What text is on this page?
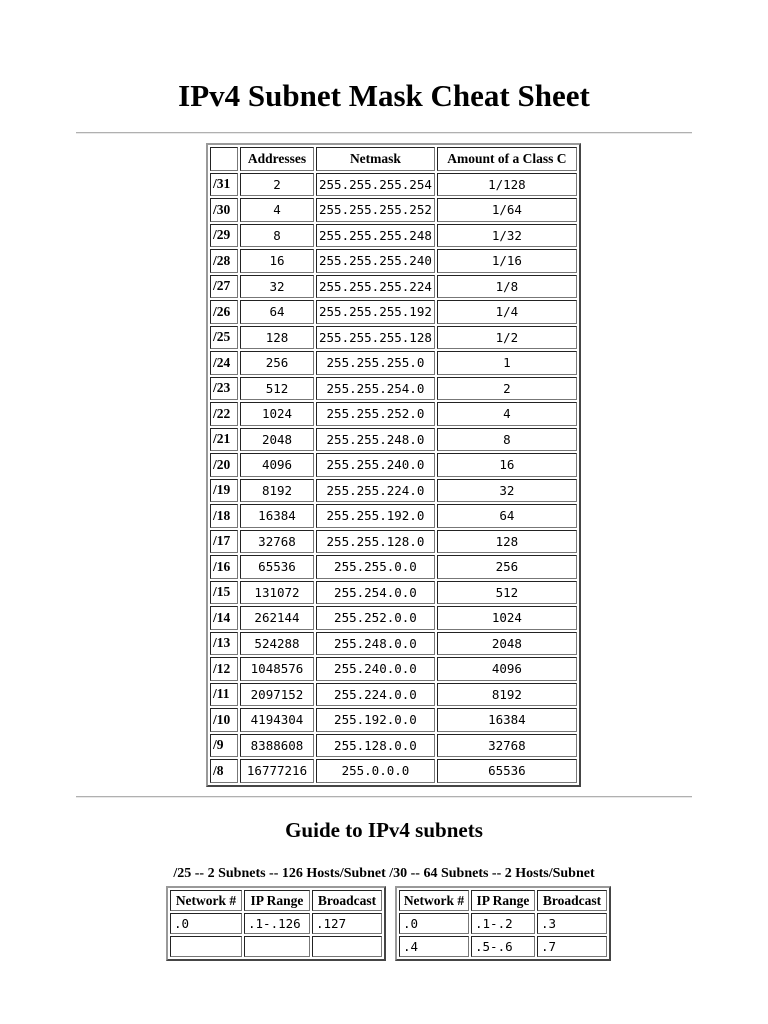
IPv4 Subnet Mask Cheat Sheet
	Addresses	Netmask	Amount of a Class C
/31	2	255.255.255.254	1/128
/30	4	255.255.255.252	1/64
/29	8	255.255.255.248	1/32
/28	16	255.255.255.240	1/16
/27	32	255.255.255.224	1/8
/26	64	255.255.255.192	1/4
/25	128	255.255.255.128	1/2
/24	256	255.255.255.0	1
/23	512	255.255.254.0	2
/22	1024	255.255.252.0	4
/21	2048	255.255.248.0	8
/20	4096	255.255.240.0	16
/19	8192	255.255.224.0	32
/18	16384	255.255.192.0	64
/17	32768	255.255.128.0	128
/16	65536	255.255.0.0	256
/15	131072	255.254.0.0	512
/14	262144	255.252.0.0	1024
/13	524288	255.248.0.0	2048
/12	1048576	255.240.0.0	4096
/11	2097152	255.224.0.0	8192
/10	4194304	255.192.0.0	16384
/9	8388608	255.128.0.0	32768
/8	16777216	255.0.0.0	65536
Guide to IPv4 subnets
/25 -- 2 Subnets -- 126 Hosts/Subnet /30 -- 64 Subnets -- 2 Hosts/Subnet
Network #	IP Range	Broadcast
.0	.1-.126	.127

Network #	IP Range	Broadcast
.0	.1-.2	.3
.4	.5-.6	.7
